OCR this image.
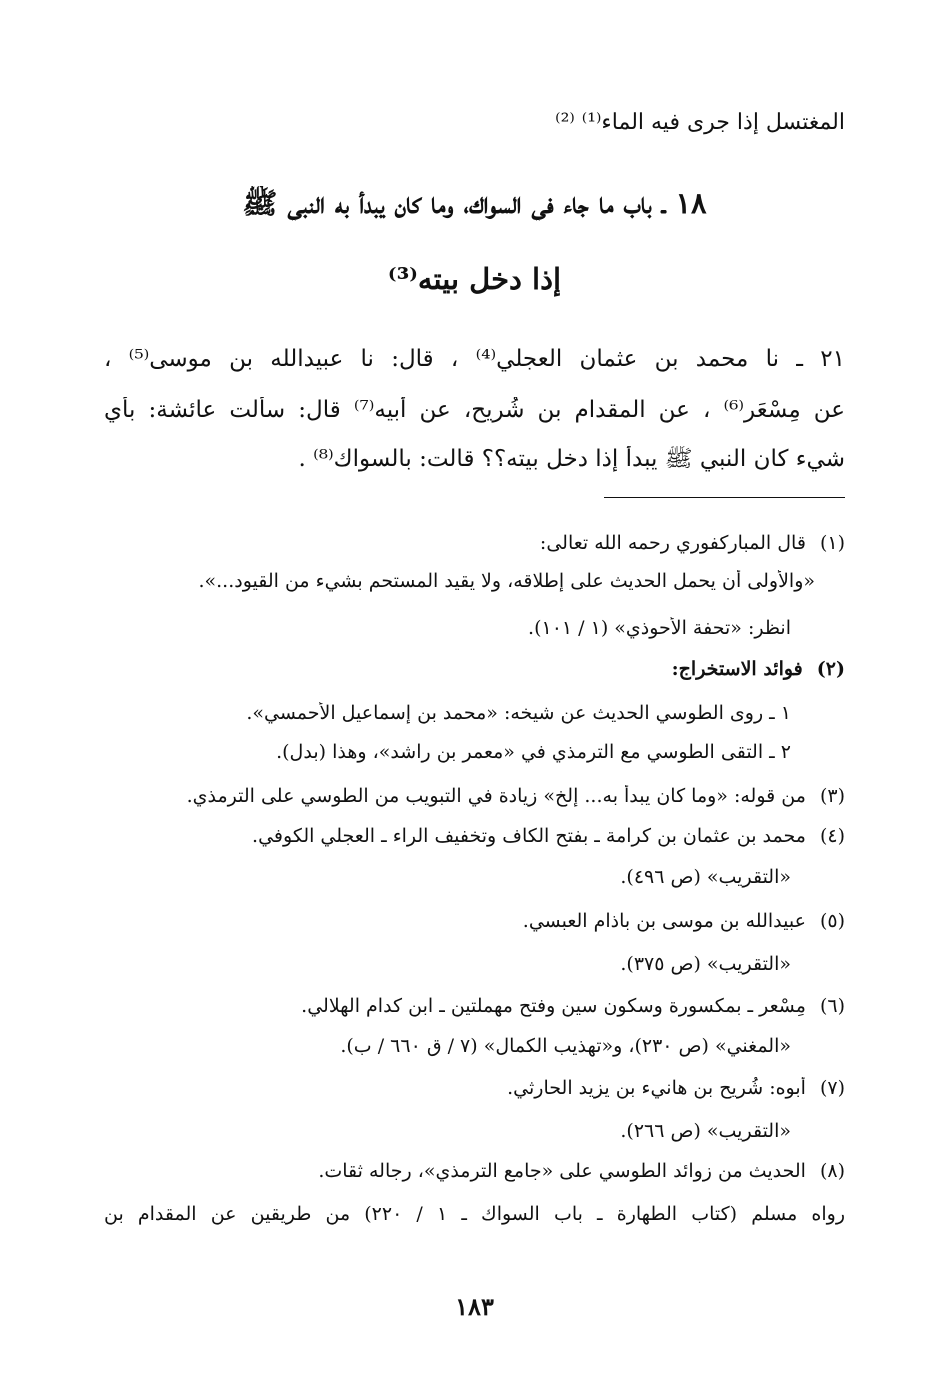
المغتسل إذا جرى فيه الماء⁽¹⁾ ⁽²⁾
١٨ ـ باب ما جاء في السواك، وما كان يبدأ به النبي ﷺ
إذا دخل بيته⁽³⁾
٢١ ـ نا محمد بن عثمان العجلي⁽⁴⁾ ، قال: نا عبيدالله بن موسى⁽⁵⁾ ،
عن مِسْعَر⁽⁶⁾ ، عن المقدام بن شُريح، عن أبيه⁽⁷⁾ قال: سألت عائشة: بأي
شيء كان النبي ﷺ يبدأ إذا دخل بيته؟؟ قالت: بالسواك⁽⁸⁾ .
(١)قال المباركفوري رحمه الله تعالى:
«والأولى أن يحمل الحديث على إطلاقه، ولا يقيد المستحم بشيء من القيود...».
انظر: «تحفة الأحوذي» (١ / ١٠١).
(٢)فوائد الاستخراج:
١ ـ روى الطوسي الحديث عن شيخه: «محمد بن إسماعيل الأحمسي».
٢ ـ التقى الطوسي مع الترمذي في «معمر بن راشد»، وهذا (بدل).
(٣)من قوله: «وما كان يبدأ به... إلخ» زيادة في التبويب من الطوسي على الترمذي.
(٤)محمد بن عثمان بن كرامة ـ بفتح الكاف وتخفيف الراء ـ العجلي الكوفي.
«التقريب» (ص ٤٩٦).
(٥)عبيدالله بن موسى بن باذام العبسي.
«التقريب» (ص ٣٧٥).
(٦)مِسْعر ـ بمكسورة وسكون سين وفتح مهملتين ـ ابن كدام الهلالي.
«المغني» (ص ٢٣٠)، و«تهذيب الكمال» (٧ / ق ٦٦٠ / ب).
(٧)أبوه: شُريح بن هانيء بن يزيد الحارثي.
«التقريب» (ص ٢٦٦).
(٨)الحديث من زوائد الطوسي على «جامع الترمذي»، رجاله ثقات.
رواه مسلم (كتاب الطهارة ـ باب السواك ـ ١ / ٢٢٠) من طريقين عن المقدام بن
١٨٣
